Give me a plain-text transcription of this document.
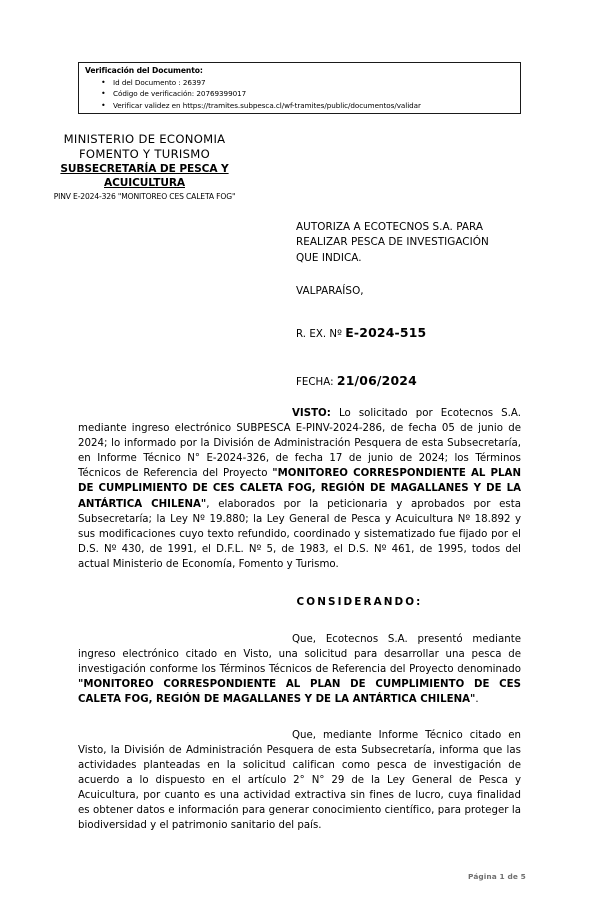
Verificación del Documento:
• Id del Documento : 26397
• Código de verificación: 20769399017
• Verificar validez en https://tramites.subpesca.cl/wf-tramites/public/documentos/validar
MINISTERIO DE ECONOMIA
FOMENTO Y TURISMO
SUBSECRETARÍA DE PESCA Y ACUICULTURA
PINV E-2024-326 "MONITOREO CES CALETA FOG"
AUTORIZA A ECOTECNOS S.A. PARA
REALIZAR PESCA DE INVESTIGACIÓN
QUE INDICA.
VALPARAÍSO,
R. EX. Nº E-2024-515
FECHA: 21/06/2024

VISTO: Lo solicitado por Ecotecnos S.A. mediante ingreso electrónico SUBPESCA E-PINV-2024-286, de fecha 05 de junio de 2024; lo informado por la División de Administración Pesquera de esta Subsecretaría, en Informe Técnico N° E-2024-326, de fecha 17 de junio de 2024; los Términos Técnicos de Referencia del Proyecto "MONITOREO CORRESPONDIENTE AL PLAN DE CUMPLIMIENTO DE CES CALETA FOG, REGIÓN DE MAGALLANES Y DE LA ANTÁRTICA CHILENA", elaborados por la peticionaria y aprobados por esta Subsecretaría; la Ley Nº 19.880; la Ley General de Pesca y Acuicultura Nº 18.892 y sus modificaciones cuyo texto refundido, coordinado y sistematizado fue fijado por el D.S. Nº 430, de 1991, el D.F.L. Nº 5, de 1983, el D.S. Nº 461, de 1995, todos del actual Ministerio de Economía, Fomento y Turismo.

CONSIDERANDO:

Que, Ecotecnos S.A. presentó mediante ingreso electrónico citado en Visto, una solicitud para desarrollar una pesca de investigación conforme los Términos Técnicos de Referencia del Proyecto denominado "MONITOREO CORRESPONDIENTE AL PLAN DE CUMPLIMIENTO DE CES CALETA FOG, REGIÓN DE MAGALLANES Y DE LA ANTÁRTICA CHILENA".

Que, mediante Informe Técnico citado en Visto, la División de Administración Pesquera de esta Subsecretaría, informa que las actividades planteadas en la solicitud califican como pesca de investigación de acuerdo a lo dispuesto en el artículo 2° N° 29 de la Ley General de Pesca y Acuicultura, por cuanto es una actividad extractiva sin fines de lucro, cuya finalidad es obtener datos e información para generar conocimiento científico, para proteger la biodiversidad y el patrimonio sanitario del país.

Página 1 de 5
